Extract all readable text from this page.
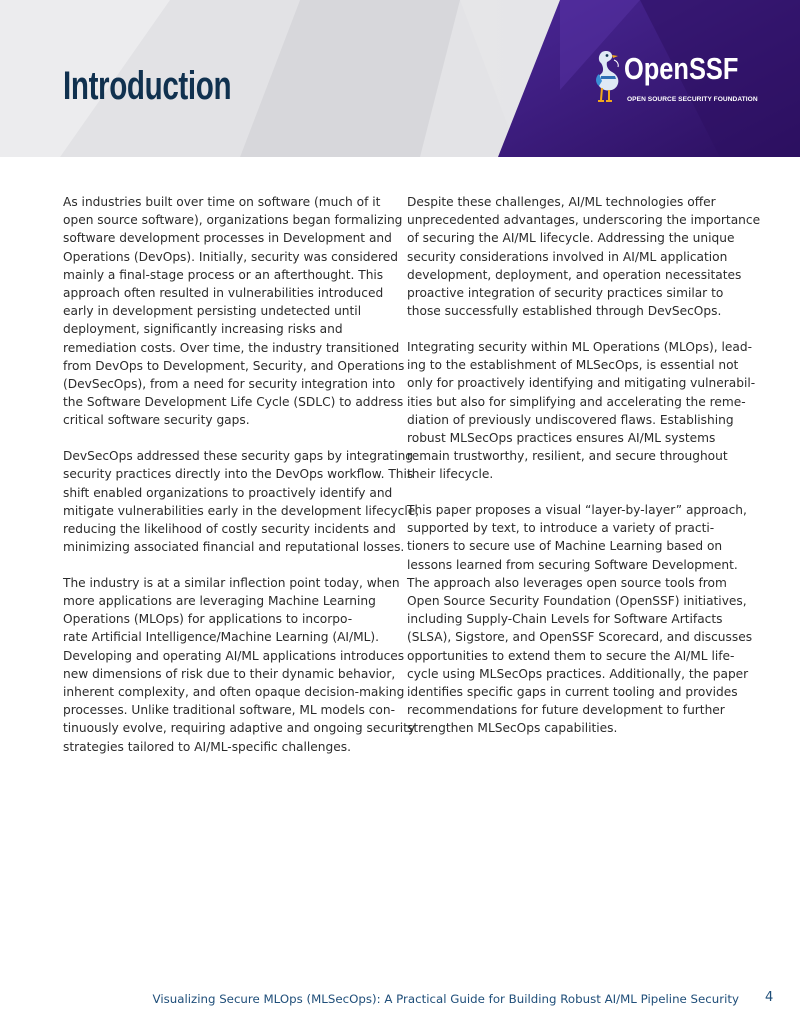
Introduction	OpenSSF
OPEN SOURCE SECURITY FOUNDATION

As industries built over time on software (much of it
open source software), organizations began formalizing
software development processes in Development and
Operations (DevOps). Initially, security was considered
mainly a final-stage process or an afterthought. This
approach often resulted in vulnerabilities introduced
early in development persisting undetected until
deployment, significantly increasing risks and
remediation costs. Over time, the industry transitioned
from DevOps to Development, Security, and Operations
(DevSecOps), from a need for security integration into
the Software Development Life Cycle (SDLC) to address
critical software security gaps.

DevSecOps addressed these security gaps by integrating
security practices directly into the DevOps workflow. This
shift enabled organizations to proactively identify and
mitigate vulnerabilities early in the development lifecycle,
reducing the likelihood of costly security incidents and
minimizing associated financial and reputational losses.

The industry is at a similar inflection point today, when
more applications are leveraging Machine Learning
Operations (MLOps) for applications to incorpo-
rate Artificial Intelligence/Machine Learning (AI/ML).
Developing and operating AI/ML applications introduces
new dimensions of risk due to their dynamic behavior,
inherent complexity, and often opaque decision-making
processes. Unlike traditional software, ML models con-
tinuously evolve, requiring adaptive and ongoing security
strategies tailored to AI/ML-specific challenges.

Despite these challenges, AI/ML technologies offer
unprecedented advantages, underscoring the importance
of securing the AI/ML lifecycle. Addressing the unique
security considerations involved in AI/ML application
development, deployment, and operation necessitates
proactive integration of security practices similar to
those successfully established through DevSecOps.

Integrating security within ML Operations (MLOps), lead-
ing to the establishment of MLSecOps, is essential not
only for proactively identifying and mitigating vulnerabil-
ities but also for simplifying and accelerating the reme-
diation of previously undiscovered flaws. Establishing
robust MLSecOps practices ensures AI/ML systems
remain trustworthy, resilient, and secure throughout
their lifecycle.

This paper proposes a visual “layer-by-layer” approach,
supported by text, to introduce a variety of practi-
tioners to secure use of Machine Learning based on
lessons learned from securing Software Development.
The approach also leverages open source tools from
Open Source Security Foundation (OpenSSF) initiatives,
including Supply-Chain Levels for Software Artifacts
(SLSA), Sigstore, and OpenSSF Scorecard, and discusses
opportunities to extend them to secure the AI/ML life-
cycle using MLSecOps practices. Additionally, the paper
identifies specific gaps in current tooling and provides
recommendations for future development to further
strengthen MLSecOps capabilities.

Visualizing Secure MLOps (MLSecOps): A Practical Guide for Building Robust AI/ML Pipeline Security 4
